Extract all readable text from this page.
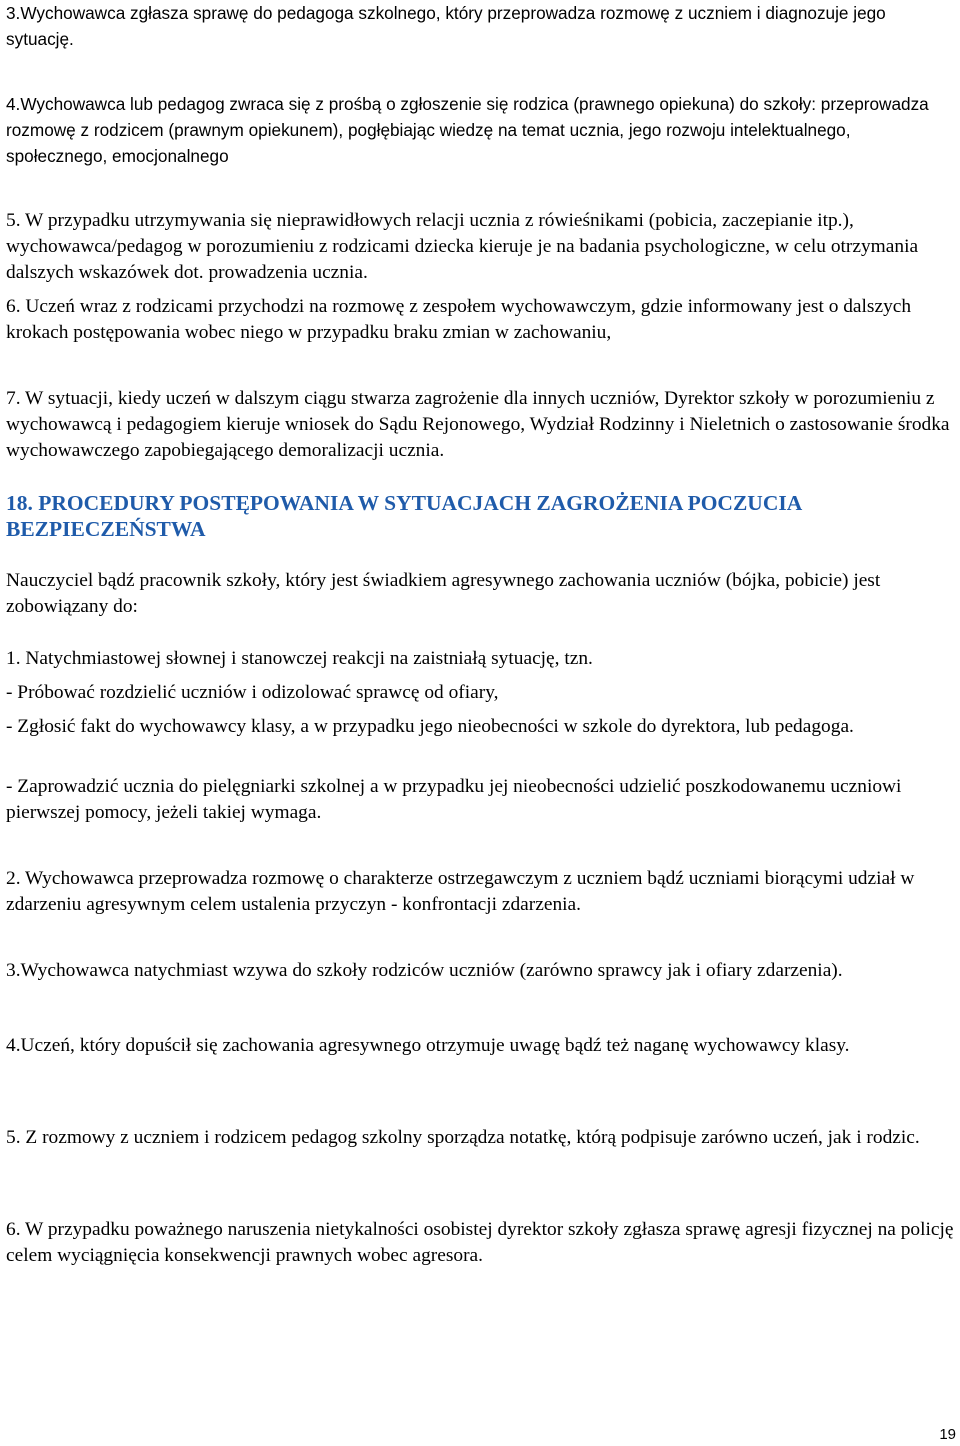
3.Wychowawca zgłasza sprawę do pedagoga szkolnego, który przeprowadza rozmowę z uczniem i diagnozuje jego sytuację.

4.Wychowawca lub pedagog zwraca się z prośbą o zgłoszenie się rodzica (prawnego opiekuna) do szkoły: przeprowadza rozmowę z rodzicem (prawnym opiekunem), pogłębiając wiedzę na temat ucznia, jego rozwoju intelektualnego, społecznego, emocjonalnego

5. W przypadku utrzymywania się nieprawidłowych relacji ucznia z rówieśnikami (pobicia, zaczepianie itp.), wychowawca/pedagog w porozumieniu z rodzicami dziecka kieruje je na badania psychologiczne, w celu otrzymania dalszych wskazówek dot. prowadzenia ucznia.

6. Uczeń wraz z rodzicami przychodzi na rozmowę z zespołem wychowawczym, gdzie informowany jest o dalszych krokach postępowania wobec niego w przypadku braku zmian w zachowaniu,

7. W sytuacji, kiedy uczeń w dalszym ciągu stwarza zagrożenie dla innych uczniów, Dyrektor szkoły w porozumieniu z wychowawcą i pedagogiem kieruje wniosek do Sądu Rejonowego, Wydział Rodzinny i Nieletnich o zastosowanie środka wychowawczego zapobiegającego demoralizacji ucznia.

18. PROCEDURY POSTĘPOWANIA W SYTUACJACH ZAGROŻENIA POCZUCIA BEZPIECZEŃSTWA

Nauczyciel bądź pracownik szkoły, który jest świadkiem agresywnego zachowania uczniów (bójka, pobicie) jest zobowiązany do:

1. Natychmiastowej słownej i stanowczej reakcji na zaistniałą sytuację, tzn.

- Próbować rozdzielić uczniów i odizolować sprawcę od ofiary,

- Zgłosić fakt do wychowawcy klasy, a w przypadku jego nieobecności w szkole do dyrektora, lub pedagoga.

- Zaprowadzić ucznia do pielęgniarki szkolnej a w przypadku jej nieobecności udzielić poszkodowanemu uczniowi pierwszej pomocy, jeżeli takiej wymaga.

2. Wychowawca przeprowadza rozmowę o charakterze ostrzegawczym z uczniem bądź uczniami biorącymi udział w zdarzeniu agresywnym celem ustalenia przyczyn - konfrontacji zdarzenia.

3.Wychowawca natychmiast wzywa do szkoły rodziców uczniów (zarówno sprawcy jak i ofiary zdarzenia).

4.Uczeń, który dopuścił się zachowania agresywnego otrzymuje uwagę bądź też naganę wychowawcy klasy.

5. Z rozmowy z uczniem i rodzicem pedagog szkolny sporządza notatkę, którą podpisuje zarówno uczeń, jak i rodzic.

6. W przypadku poważnego naruszenia nietykalności osobistej dyrektor szkoły zgłasza sprawę agresji fizycznej na policję celem wyciągnięcia konsekwencji prawnych wobec agresora.

19
